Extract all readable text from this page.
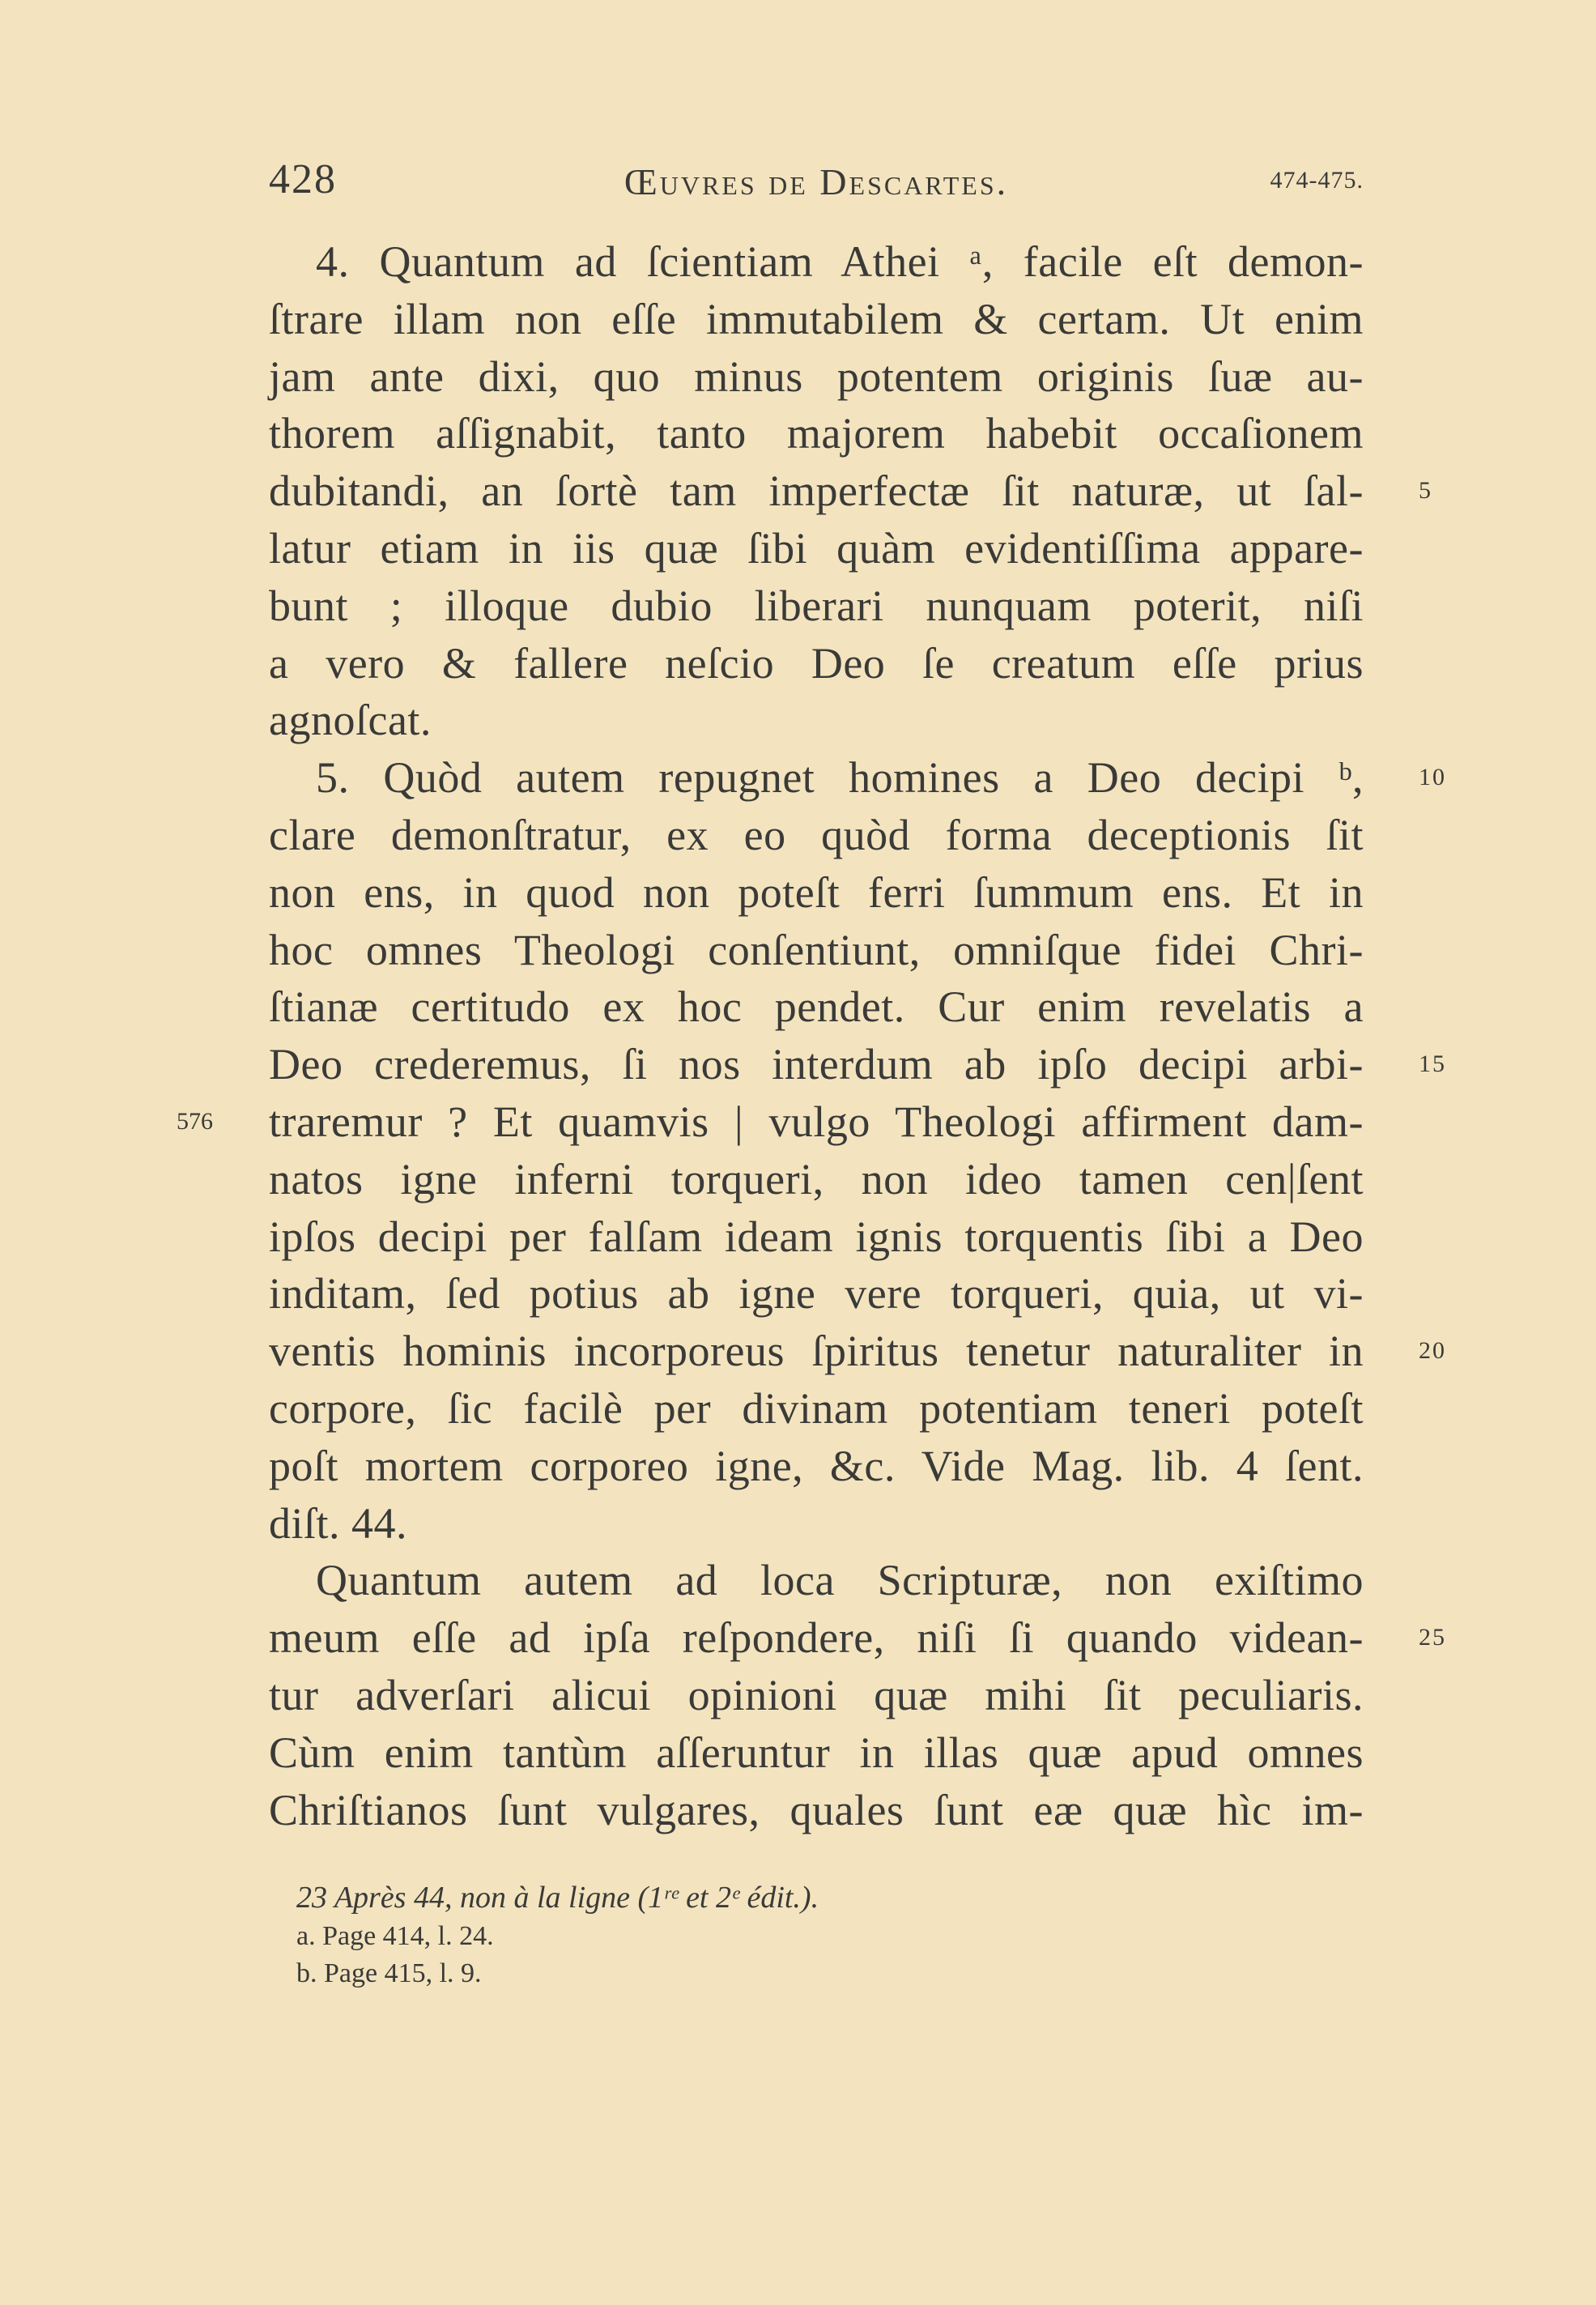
428	Œuvres de Descartes.	474-475.
4. Quantum ad ſcientiam Athei ᵃ, facile eſt demon-
ſtrare illam non eſſe immutabilem & certam. Ut enim
jam ante dixi, quo minus potentem originis ſuæ au-
thorem aſſignabit, tanto majorem habebit occaſionem
dubitandi, an ſortè tam imperfectæ ſit naturæ, ut ſal- 5
latur etiam in iis quæ ſibi quàm evidentiſſima appare-
bunt ; illoque dubio liberari nunquam poterit, niſi
a vero & fallere neſcio Deo ſe creatum eſſe prius
agnoſcat.
5. Quòd autem repugnet homines a Deo decipi ᵇ, 10
clare demonſtratur, ex eo quòd forma deceptionis ſit
non ens, in quod non poteſt ferri ſummum ens. Et in
hoc omnes Theologi conſentiunt, omniſque fidei Chri-
ſtianæ certitudo ex hoc pendet. Cur enim revelatis a
Deo crederemus, ſi nos interdum ab ipſo decipi arbi- 15
traremur ? Et quamvis | vulgo Theologi affirment dam-
576
natos igne inferni torqueri, non ideo tamen cen|ſent
ipſos decipi per falſam ideam ignis torquentis ſibi a Deo
inditam, ſed potius ab igne vere torqueri, quia, ut vi-
ventis hominis incorporeus ſpiritus tenetur naturaliter in 20
corpore, ſic facilè per divinam potentiam teneri poteſt
poſt mortem corporeo igne, &c. Vide Mag. lib. 4 ſent.
diſt. 44.
Quantum autem ad loca Scripturæ, non exiſtimo
meum eſſe ad ipſa reſpondere, niſi ſi quando videan- 25
tur adverſari alicui opinioni quæ mihi ſit peculiaris.
Cùm enim tantùm aſſeruntur in illas quæ apud omnes
Chriſtianos ſunt vulgares, quales ſunt eæ quæ hìc im-
23 Après 44, non à la ligne (1ʳᵉ et 2ᵉ édit.).
a. Page 414, l. 24.
b. Page 415, l. 9.
